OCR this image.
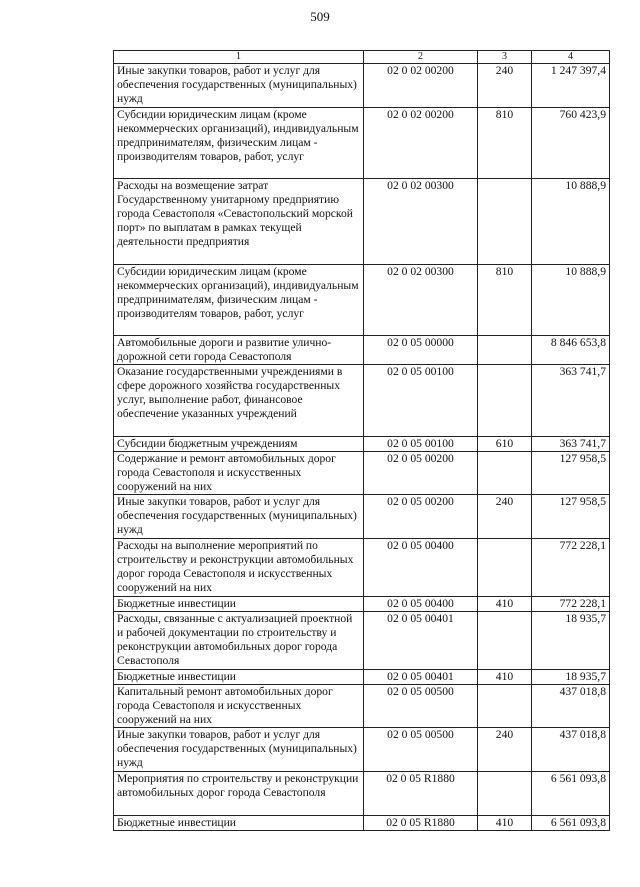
509
1	2	3	4
Иные закупки товаров, работ и услуг для обеспечения государственных (муниципальных) нужд	02 0 02 00200	240	1 247 397,4
Субсидии юридическим лицам (кроме некоммерческих организаций), индивидуальным предпринимателям, физическим лицам - производителям товаров, работ, услуг	02 0 02 00200	810	760 423,9
Расходы на возмещение затрат Государственному унитарному предприятию города Севастополя «Севастопольский морской порт» по выплатам в рамках текущей деятельности предприятия	02 0 02 00300		10 888,9
Субсидии юридическим лицам (кроме некоммерческих организаций), индивидуальным предпринимателям, физическим лицам - производителям товаров, работ, услуг	02 0 02 00300	810	10 888,9
Автомобильные дороги и развитие улично-дорожной сети города Севастополя	02 0 05 00000		8 846 653,8
Оказание государственными учреждениями в сфере дорожного хозяйства государственных услуг, выполнение работ, финансовое обеспечение указанных учреждений	02 0 05 00100		363 741,7
Субсидии бюджетным учреждениям	02 0 05 00100	610	363 741,7
Содержание и ремонт автомобильных дорог города Севастополя и искусственных сооружений на них	02 0 05 00200		127 958,5
Иные закупки товаров, работ и услуг для обеспечения государственных (муниципальных) нужд	02 0 05 00200	240	127 958,5
Расходы на выполнение мероприятий по строительству и реконструкции автомобильных дорог города Севастополя и искусственных сооружений на них	02 0 05 00400		772 228,1
Бюджетные инвестиции	02 0 05 00400	410	772 228,1
Расходы, связанные с актуализацией проектной и рабочей документации по строительству и реконструкции автомобильных дорог города Севастополя	02 0 05 00401		18 935,7
Бюджетные инвестиции	02 0 05 00401	410	18 935,7
Капитальный ремонт автомобильных дорог города Севастополя и искусственных сооружений на них	02 0 05 00500		437 018,8
Иные закупки товаров, работ и услуг для обеспечения государственных (муниципальных) нужд	02 0 05 00500	240	437 018,8
Мероприятия по строительству и реконструкции автомобильных дорог города Севастополя	02 0 05 R1880		6 561 093,8
Бюджетные инвестиции	02 0 05 R1880	410	6 561 093,8
